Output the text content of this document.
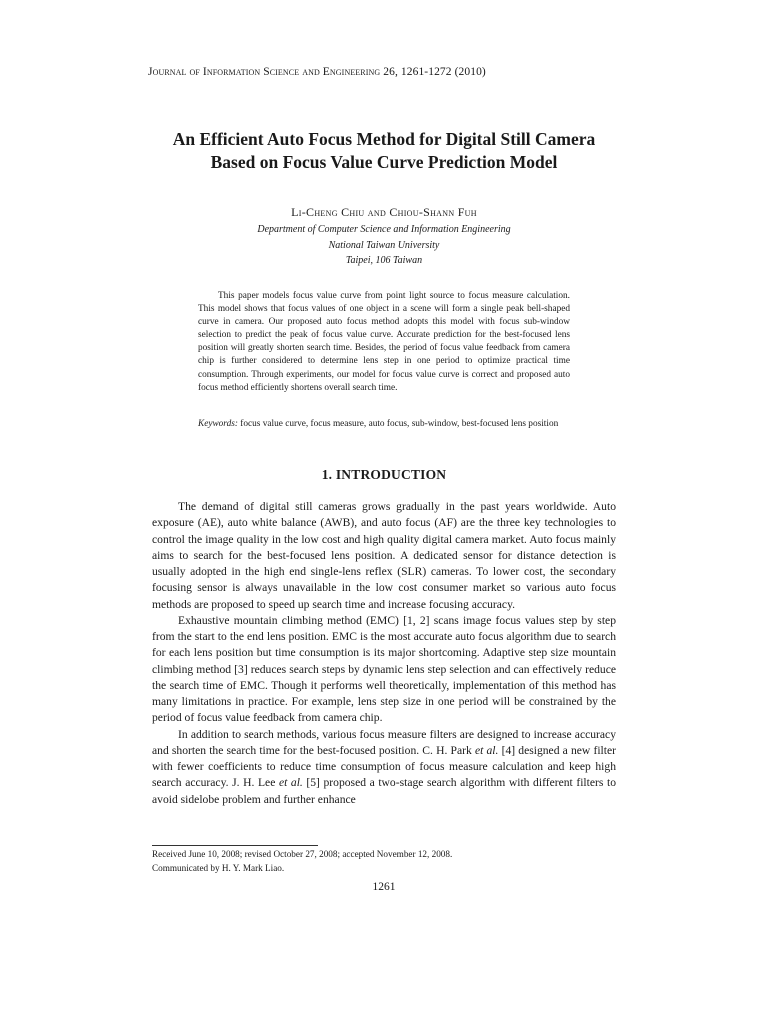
Journal of Information Science and Engineering 26, 1261-1272 (2010)
An Efficient Auto Focus Method for Digital Still Camera
Based on Focus Value Curve Prediction Model
Li-Cheng Chiu and Chiou-Shann Fuh
Department of Computer Science and Information Engineering
National Taiwan University
Taipei, 106 Taiwan
This paper models focus value curve from point light source to focus measure calculation. This model shows that focus values of one object in a scene will form a single peak bell-shaped curve in camera. Our proposed auto focus method adopts this model with focus sub-window selection to predict the peak of focus value curve. Accurate prediction for the best-focused lens position will greatly shorten search time. Besides, the period of focus value feedback from camera chip is further considered to determine lens step in one period to optimize practical time consumption. Through experiments, our model for focus value curve is correct and proposed auto focus method efficiently shortens overall search time.
Keywords: focus value curve, focus measure, auto focus, sub-window, best-focused lens position
1. INTRODUCTION

The demand of digital still cameras grows gradually in the past years worldwide. Auto exposure (AE), auto white balance (AWB), and auto focus (AF) are the three key technologies to control the image quality in the low cost and high quality digital camera market. Auto focus mainly aims to search for the best-focused lens position. A dedicated sensor for distance detection is usually adopted in the high end single-lens reflex (SLR) cameras. To lower cost, the secondary focusing sensor is always unavailable in the low cost consumer market so various auto focus methods are proposed to speed up search time and increase focusing accuracy.

Exhaustive mountain climbing method (EMC) [1, 2] scans image focus values step by step from the start to the end lens position. EMC is the most accurate auto focus algorithm due to search for each lens position but time consumption is its major shortcoming. Adaptive step size mountain climbing method [3] reduces search steps by dynamic lens step selection and can effectively reduce the search time of EMC. Though it performs well theoretically, implementation of this method has many limitations in practice. For example, lens step size in one period will be constrained by the period of focus value feedback from camera chip.

In addition to search methods, various focus measure filters are designed to increase accuracy and shorten the search time for the best-focused position. C. H. Park et al. [4] designed a new filter with fewer coefficients to reduce time consumption of focus measure calculation and keep high search accuracy. J. H. Lee et al. [5] proposed a two-stage search algorithm with different filters to avoid sidelobe problem and further enhance

Received June 10, 2008; revised October 27, 2008; accepted November 12, 2008.
Communicated by H. Y. Mark Liao.
1261
